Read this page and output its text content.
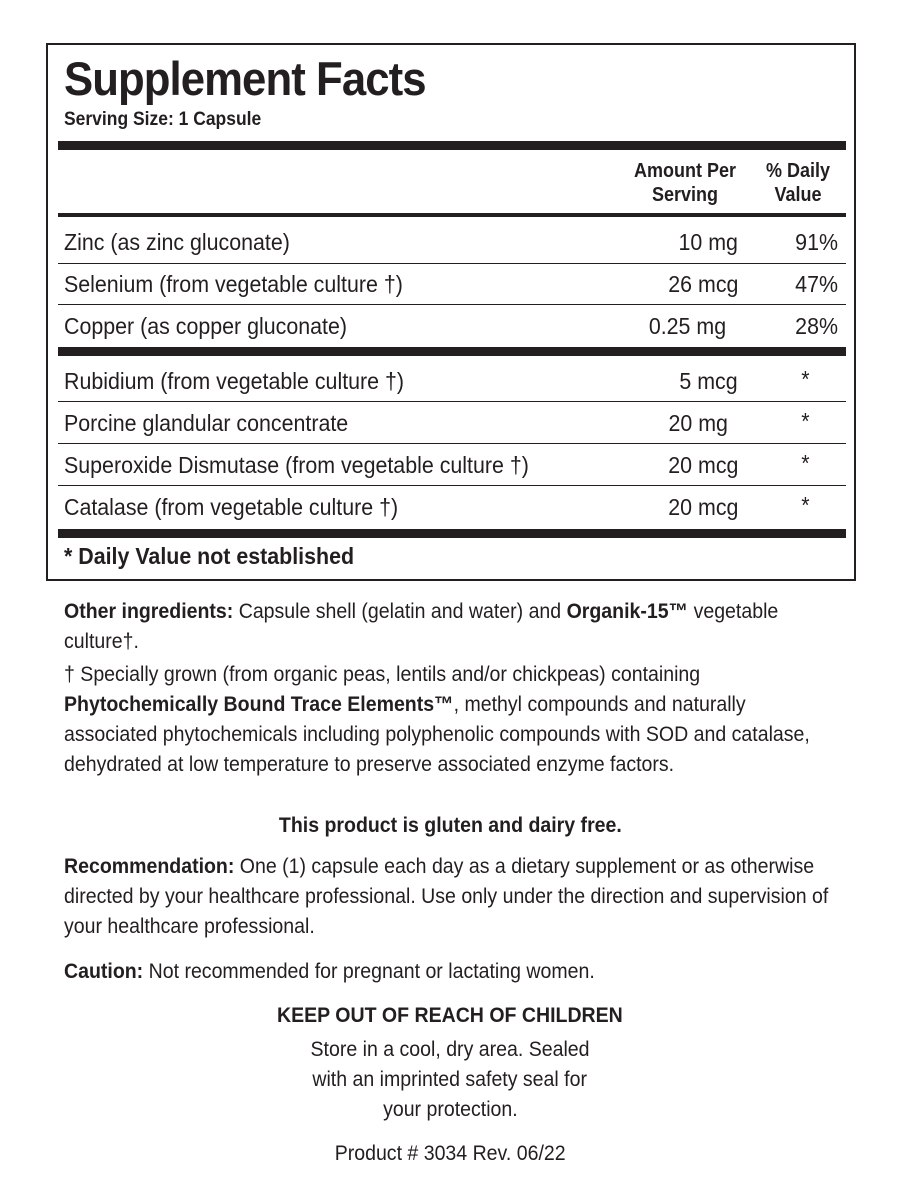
Supplement Facts
Serving Size: 1 Capsule
Amount Per
Serving
% Daily
Value
Zinc (as zinc gluconate)	10 mg	91%
Selenium (from vegetable culture †)	26 mcg	47%
Copper (as copper gluconate)	0.25 mg	28%
Rubidium (from vegetable culture †)	5 mcg	*
Porcine glandular concentrate	20 mg	*
Superoxide Dismutase (from vegetable culture †)	20 mcg	*
Catalase (from vegetable culture †)	20 mcg	*
* Daily Value not established
Other ingredients: Capsule shell (gelatin and water) and Organik-15™ vegetable culture†.
† Specially grown (from organic peas, lentils and/or chickpeas) containing Phytochemically Bound Trace Elements™, methyl compounds and naturally associated phytochemicals including polyphenolic compounds with SOD and catalase, dehydrated at low temperature to preserve associated enzyme factors.
This product is gluten and dairy free.
Recommendation: One (1) capsule each day as a dietary supplement or as otherwise directed by your healthcare professional. Use only under the direction and supervision of your healthcare professional.
Caution: Not recommended for pregnant or lactating women.
KEEP OUT OF REACH OF CHILDREN
Store in a cool, dry area. Sealed
with an imprinted safety seal for
your protection.
Product # 3034 Rev. 06/22
